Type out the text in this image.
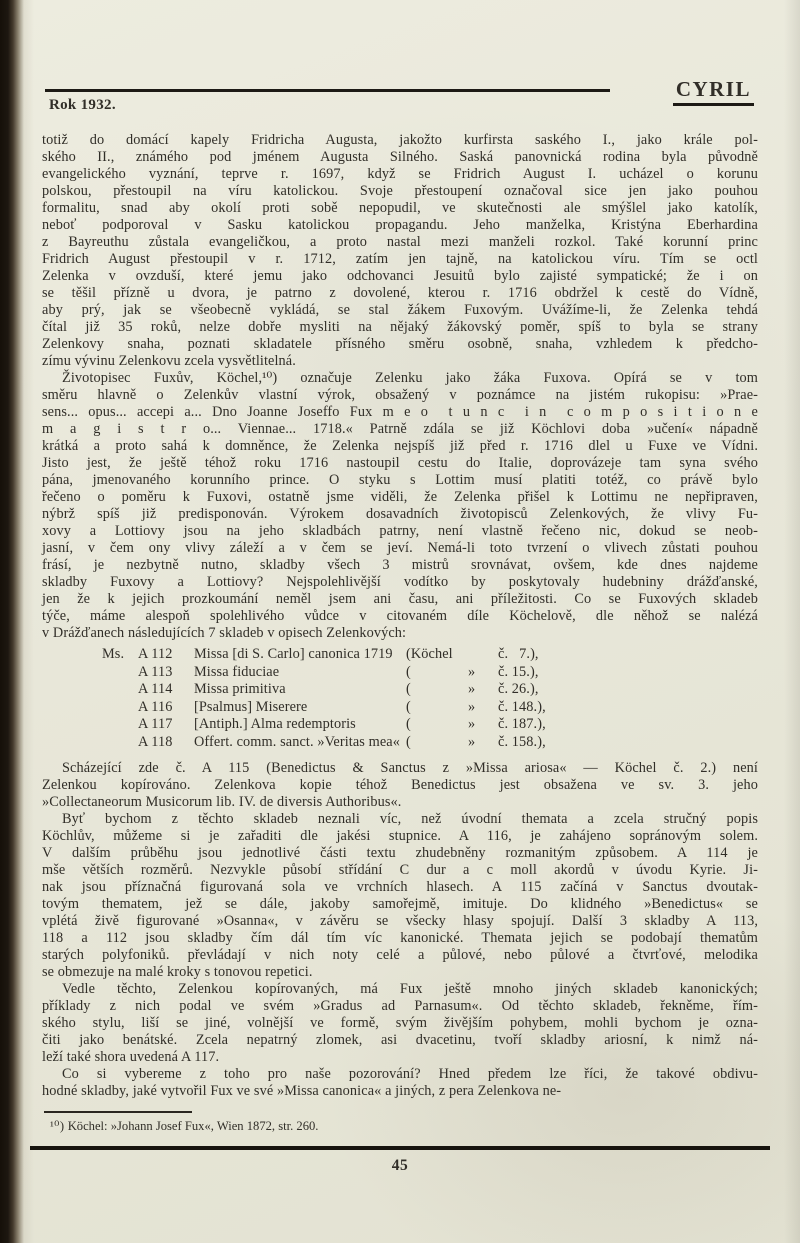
CYRIL
Rok 1932.
totiž do domácí kapely Fridricha Augusta, jakožto kurfirsta saského I., jako krále pol-
ského II., známého pod jménem Augusta Silného. Saská panovnická rodina byla původně
evangelického vyznání, teprve r. 1697, když se Fridrich August I. ucházel o korunu
polskou, přestoupil na víru katolickou. Svoje přestoupení označoval sice jen jako pouhou
formalitu, snad aby okolí proti sobě nepopudil, ve skutečnosti ale smýšlel jako katolík,
neboť podporoval v Sasku katolickou propagandu. Jeho manželka, Kristýna Eberhardina
z Bayreuthu zůstala evangeličkou, a proto nastal mezi manželi rozkol. Také korunní princ
Fridrich August přestoupil v r. 1712, zatím jen tajně, na katolickou víru. Tím se octl
Zelenka v ovzduší, které jemu jako odchovanci Jesuitů bylo zajisté sympatické; že i on
se těšil přízně u dvora, je patrno z dovolené, kterou r. 1716 obdržel k cestě do Vídně,
aby prý, jak se všeobecně vykládá, se stal žákem Fuxovým. Uvážíme-li, že Zelenka tehdá
čítal již 35 roků, nelze dobře mysliti na nějaký žákovský poměr, spíš to byla se strany
Zelenkovy snaha, poznati skladatele přísného směru osobně, snaha, vzhledem k předcho-
zímu vývinu Zelenkovu zcela vysvětlitelná.
Životopisec Fuxův, Köchel,¹⁰) označuje Zelenku jako žáka Fuxova. Opírá se v tom
směru hlavně o Zelenkův vlastní výrok, obsažený v poznámce na jistém rukopisu: »Prae-
sens... opus... accepi a... Dno Joanne Joseffo Fux m e o  t u n c  i n  c o m p o s i t i o n e
m a g i s t r o... Viennae... 1718.« Patrně zdála se již Köchlovi doba »učení« nápadně
krátká a proto sahá k domněnce, že Zelenka nejspíš již před r. 1716 dlel u Fuxe ve Vídni.
Jisto jest, že ještě téhož roku 1716 nastoupil cestu do Italie, doprovázeje tam syna svého
pána, jmenovaného korunního prince. O styku s Lottim musí platiti totéž, co právě bylo
řečeno o poměru k Fuxovi, ostatně jsme viděli, že Zelenka přišel k Lottimu ne nepřipraven,
nýbrž spíš již predisponován. Výrokem dosavadních životopisců Zelenkových, že vlivy Fu-
xovy a Lottiovy jsou na jeho skladbách patrny, není vlastně řečeno nic, dokud se neob-
jasní, v čem ony vlivy záleží a v čem se jeví. Nemá-li toto tvrzení o vlivech zůstati pouhou
frásí, je nezbytně nutno, skladby všech 3 mistrů srovnávat, ovšem, kde dnes najdeme
skladby Fuxovy a Lottiovy? Nejspolehlivější vodítko by poskytovaly hudebniny drážďanské,
jen že k jejich prozkoumání neměl jsem ani času, ani příležitosti. Co se Fuxových skladeb
týče, máme alespoň spolehlivého vůdce v citovaném díle Köchelově, dle něhož se nalézá
v Drážďanech následujících 7 skladeb v opisech Zelenkových:
Ms. A 112	Missa [di S. Carlo] canonica 1719 (Köchel	č.   7.),
A 113	Missa fiduciae	(	»	č. 15.),
A 114	Missa primitiva	(	»	č. 26.),
A 116	[Psalmus] Miserere	(	»	č. 148.),
A 117	[Antiph.] Alma redemptoris	(	»	č. 187.),
A 118	Offert. comm. sanct. »Veritas mea« (	»	č. 158.),
Scházející zde č. A 115 (Benedictus & Sanctus z »Missa ariosa« — Köchel č. 2.) není
Zelenkou kopírováno. Zelenkova kopie téhož Benedictus jest obsažena ve sv. 3. jeho
»Collectaneorum Musicorum lib. IV. de diversis Authoribus«.
Byť bychom z těchto skladeb neznali víc, než úvodní themata a zcela stručný popis
Köchlův, můžeme si je zařaditi dle jakési stupnice. A 116, je zahájeno sopránovým solem.
V dalším průběhu jsou jednotlivé části textu zhudebněny rozmanitým způsobem. A 114 je
mše větších rozměrů. Nezvykle působí střídání C dur a c moll akordů v úvodu Kyrie. Ji-
nak jsou příznačná figurovaná sola ve vrchních hlasech. A 115 začíná v Sanctus dvoutak-
tovým thematem, jež se dále, jakoby samořejmě, imituje. Do klidného »Benedictus« se
vplétá živě figurované »Osanna«, v závěru se všecky hlasy spojují. Další 3 skladby A 113,
118 a 112 jsou skladby čím dál tím víc kanonické. Themata jejich se podobají thematům
starých polyfoniků. převládají v nich noty celé a půlové, nebo půlové a čtvrťové, melodika
se obmezuje na malé kroky s tonovou repetici.
Vedle těchto, Zelenkou kopírovaných, má Fux ještě mnoho jiných skladeb kanonických;
příklady z nich podal ve svém »Gradus ad Parnasum«. Od těchto skladeb, řekněme, řím-
ského stylu, liší se jiné, volnější ve formě, svým živějším pohybem, mohli bychom je ozna-
čiti jako benátské. Zcela nepatrný zlomek, asi dvacetinu, tvoří skladby ariosní, k nimž ná-
leží také shora uvedená A 117.
Co si vybereme z toho pro naše pozorování? Hned předem lze říci, že takové obdivu-
hodné skladby, jaké vytvořil Fux ve své »Missa canonica« a jiných, z pera Zelenkova ne-
¹⁰) Köchel: »Johann Josef Fux«, Wien 1872, str. 260.
45
